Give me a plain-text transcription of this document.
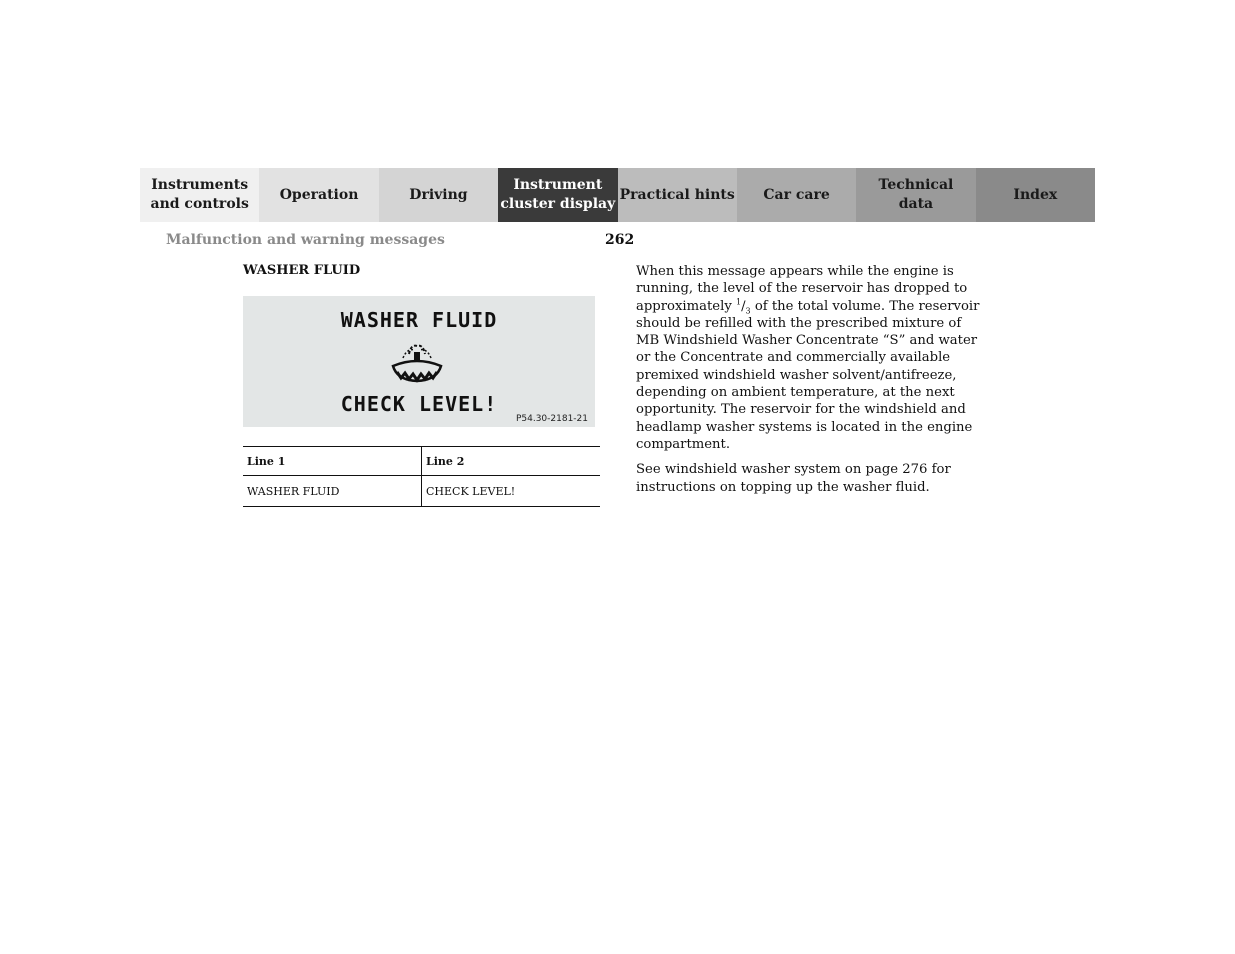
Instruments
and controls
Operation	Driving
Instrument
cluster display
Practical hints Car care
Technical
data
Index
Malfunction and warning messages	262
WASHER FLUID
WASHER FLUID
CHECK LEVEL!
P54.30-2181-21
Line 1	Line 2
WASHER FLUID	CHECK LEVEL!

When this message appears while the engine is running, the level of the reservoir has dropped to approximately $^1/_3$ of the total volume. The reservoir should be refilled with the prescribed mixture of MB Windshield Washer Concentrate “S” and water or the Concentrate and commercially available premixed windshield washer solvent/antifreeze, depending on ambient temperature, at the next opportunity. The reservoir for the windshield and headlamp washer systems is located in the engine compartment.

See windshield washer system on page 276 for instructions on topping up the washer fluid.
